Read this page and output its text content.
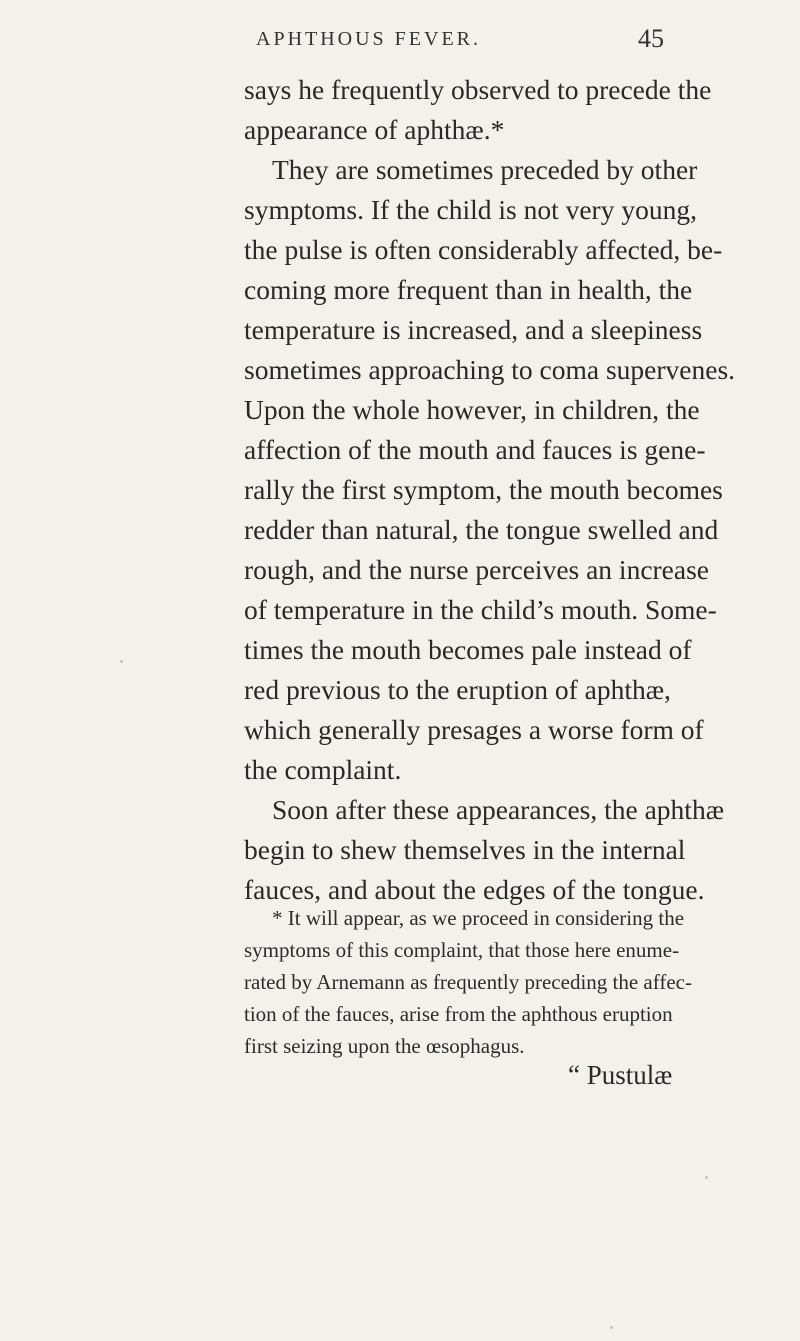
APHTHOUS FEVER.	45
says he frequently observed to precede the
appearance of aphthæ.*
They are sometimes preceded by other
symptoms. If the child is not very young,
the pulse is often considerably affected, be-
coming more frequent than in health, the
temperature is increased, and a sleepiness
sometimes approaching to coma supervenes.
Upon the whole however, in children, the
affection of the mouth and fauces is gene-
rally the first symptom, the mouth becomes
redder than natural, the tongue swelled and
rough, and the nurse perceives an increase
of temperature in the child’s mouth. Some-
times the mouth becomes pale instead of
red previous to the eruption of aphthæ,
which generally presages a worse form of
the complaint.
Soon after these appearances, the aphthæ
begin to shew themselves in the internal
fauces, and about the edges of the tongue.
* It will appear, as we proceed in considering the
symptoms of this complaint, that those here enume-
rated by Arnemann as frequently preceding the affec-
tion of the fauces, arise from the aphthous eruption
first seizing upon the œsophagus.
“ Pustulæ
